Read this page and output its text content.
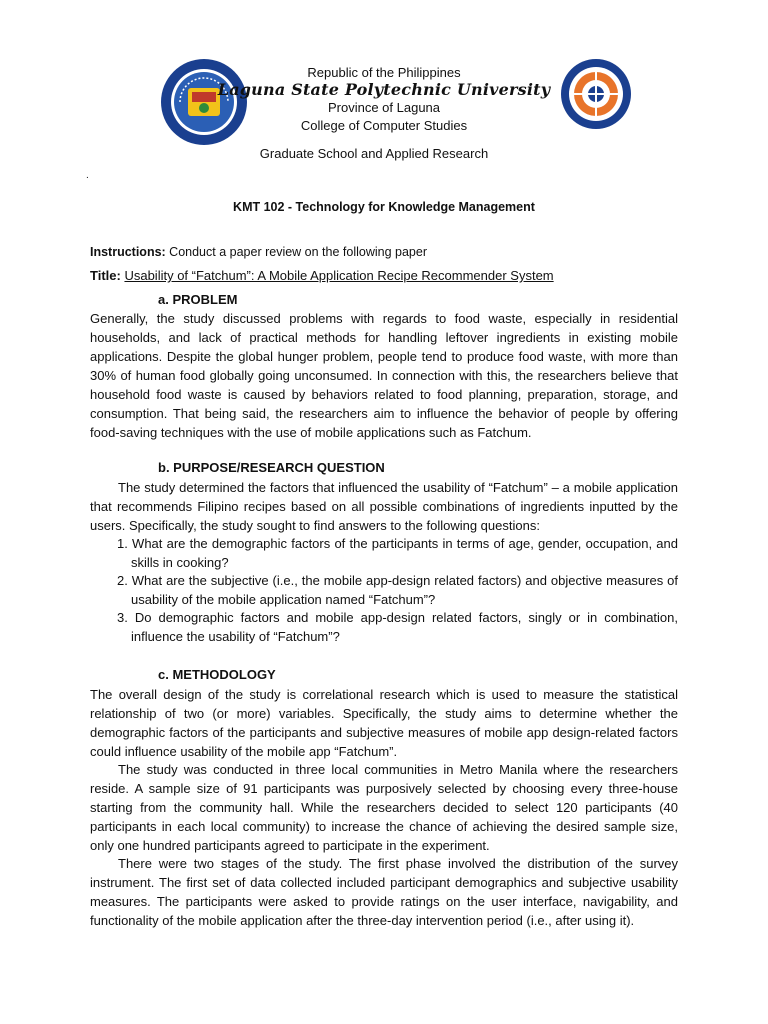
Republic of the Philippines
Laguna State Polytechnic University
Province of Laguna
College of Computer Studies
Graduate School and Applied Research
.
KMT 102 - Technology for Knowledge Management
Instructions: Conduct a paper review on the following paper
Title: Usability of “Fatchum”: A Mobile Application Recipe Recommender System
a. PROBLEM

Generally, the study discussed problems with regards to food waste, especially in residential households, and lack of practical methods for handling leftover ingredients in existing mobile applications. Despite the global hunger problem, people tend to produce food waste, with more than 30% of human food globally going unconsumed. In connection with this, the researchers believe that household food waste is caused by behaviors related to food planning, preparation, storage, and consumption. That being said, the researchers aim to influence the behavior of people by offering food-saving techniques with the use of mobile applications such as Fatchum.

b. PURPOSE/RESEARCH QUESTION

The study determined the factors that influenced the usability of “Fatchum” – a mobile application that recommends Filipino recipes based on all possible combinations of ingredients inputted by the users. Specifically, the study sought to find answers to the following questions:

1. What are the demographic factors of the participants in terms of age, gender, occupation, and skills in cooking?
2. What are the subjective (i.e., the mobile app-design related factors) and objective measures of usability of the mobile application named “Fatchum”?
3. Do demographic factors and mobile app-design related factors, singly or in combination, influence the usability of “Fatchum”?
c. METHODOLOGY

The overall design of the study is correlational research which is used to measure the statistical relationship of two (or more) variables. Specifically, the study aims to determine whether the demographic factors of the participants and subjective measures of mobile app design-related factors could influence usability of the mobile app “Fatchum”.

The study was conducted in three local communities in Metro Manila where the researchers reside. A sample size of 91 participants was purposively selected by choosing every three-house starting from the community hall. While the researchers decided to select 120 participants (40 participants in each local community) to increase the chance of achieving the desired sample size, only one hundred participants agreed to participate in the experiment.

There were two stages of the study. The first phase involved the distribution of the survey instrument. The first set of data collected included participant demographics and subjective usability measures. The participants were asked to provide ratings on the user interface, navigability, and functionality of the mobile application after the three-day intervention period (i.e., after using it).
